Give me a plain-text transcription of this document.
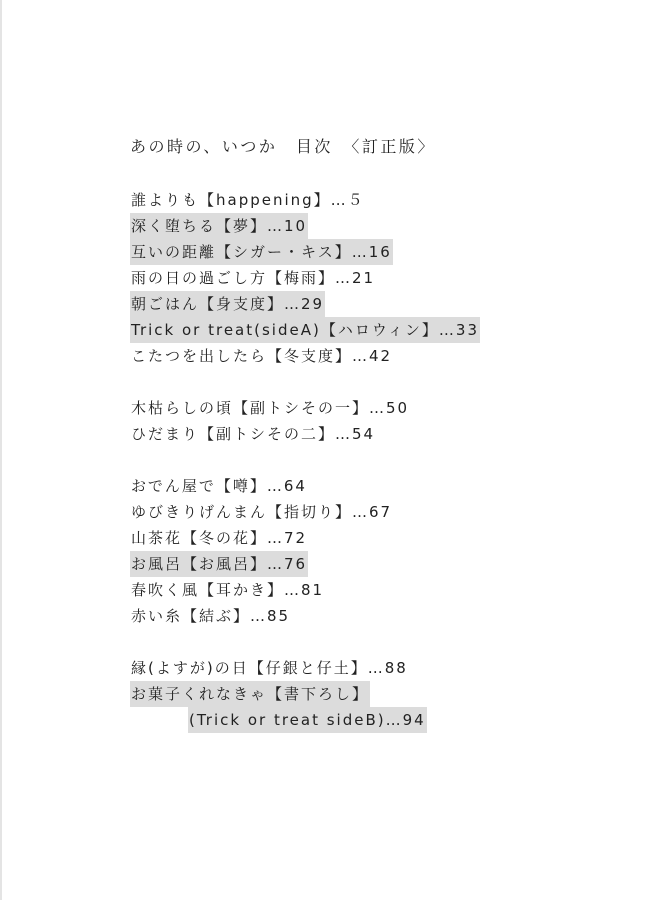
あの時の、いつか　目次　〈訂正版〉
誰よりも【happening】…５
深く堕ちる【夢】…10
互いの距離【シガー・キス】…16
雨の日の過ごし方【梅雨】…21
朝ごはん【身支度】…29
Trick or treat(sideA)【ハロウィン】…33
こたつを出したら【冬支度】…42
木枯らしの頃【副トシその一】…50
ひだまり【副トシその二】…54
おでん屋で【噂】…64
ゆびきりげんまん【指切り】…67
山茶花【冬の花】…72
お風呂【お風呂】…76
春吹く風【耳かき】…81
赤い糸【結ぶ】…85
縁(よすが)の日【仔銀と仔土】…88
お菓子くれなきゃ【書下ろし】
(Trick or treat sideB)…94
